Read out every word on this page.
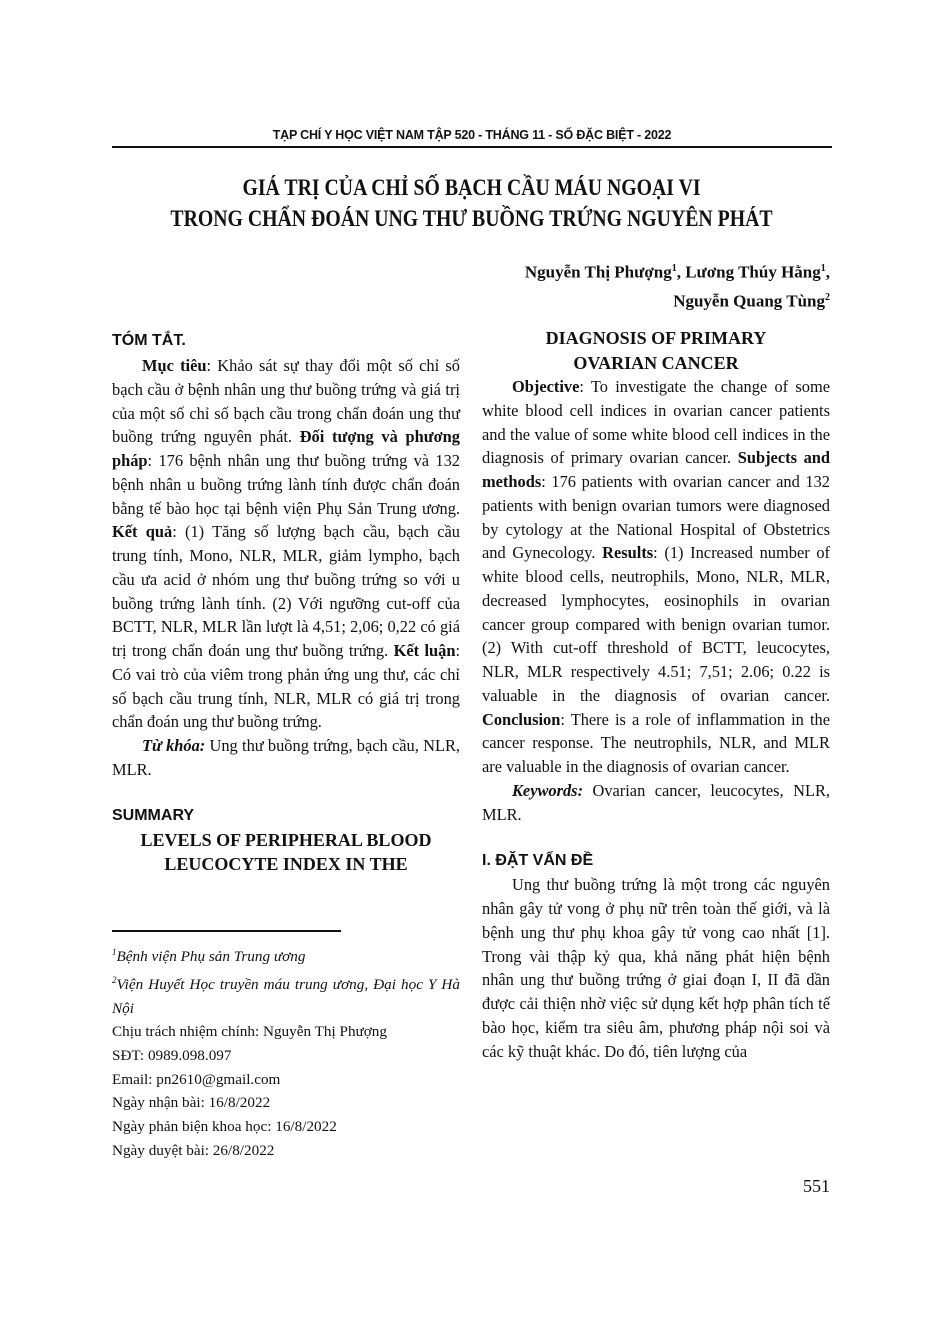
TẠP CHÍ Y HỌC VIỆT NAM TẬP 520 - THÁNG 11 - SỐ ĐẶC BIỆT - 2022
GIÁ TRỊ CỦA CHỈ SỐ BẠCH CẦU MÁU NGOẠI VI
TRONG CHẨN ĐOÁN UNG THƯ BUỒNG TRỨNG NGUYÊN PHÁT
Nguyễn Thị Phượng$^1$, Lương Thúy Hằng$^1$,
Nguyễn Quang Tùng$^2$
TÓM TẮT.

Mục tiêu: Khảo sát sự thay đổi một số chỉ số bạch cầu ở bệnh nhân ung thư buồng trứng và giá trị của một số chỉ số bạch cầu trong chẩn đoán ung thư buồng trứng nguyên phát. Đối tượng và phương pháp: 176 bệnh nhân ung thư buồng trứng và 132 bệnh nhân u buồng trứng lành tính được chẩn đoán bằng tế bào học tại bệnh viện Phụ Sản Trung ương. Kết quả: (1) Tăng số lượng bạch cầu, bạch cầu trung tính, Mono, NLR, MLR, giảm lympho, bạch cầu ưa acid ở nhóm ung thư buồng trứng so với u buồng trứng lành tính. (2) Với ngưỡng cut-off của BCTT, NLR, MLR lần lượt là 4,51; 2,06; 0,22 có giá trị trong chẩn đoán ung thư buồng trứng. Kết luận: Có vai trò của viêm trong phản ứng ung thư, các chỉ số bạch cầu trung tính, NLR, MLR có giá trị trong chẩn đoán ung thư buồng trứng.

Từ khóa: Ung thư buồng trứng, bạch cầu, NLR, MLR.

SUMMARY
LEVELS OF PERIPHERAL BLOOD
LEUCOCYTE INDEX IN THE
$^1$Bệnh viện Phụ sản Trung ương
$^2$Viện Huyết Học truyền máu trung ương, Đại học Y Hà Nội
Chịu trách nhiệm chính: Nguyễn Thị Phượng
SĐT: 0989.098.097
Email: pn2610@gmail.com
Ngày nhận bài: 16/8/2022
Ngày phản biện khoa học: 16/8/2022
Ngày duyệt bài: 26/8/2022
DIAGNOSIS OF PRIMARY
OVARIAN CANCER

Objective: To investigate the change of some white blood cell indices in ovarian cancer patients and the value of some white blood cell indices in the diagnosis of primary ovarian cancer. Subjects and methods: 176 patients with ovarian cancer and 132 patients with benign ovarian tumors were diagnosed by cytology at the National Hospital of Obstetrics and Gynecology. Results: (1) Increased number of white blood cells, neutrophils, Mono, NLR, MLR, decreased lymphocytes, eosinophils in ovarian cancer group compared with benign ovarian tumor. (2) With cut-off threshold of BCTT, leucocytes, NLR, MLR respectively 4.51; 7,51; 2.06; 0.22 is valuable in the diagnosis of ovarian cancer. Conclusion: There is a role of inflammation in the cancer response. The neutrophils, NLR, and MLR are valuable in the diagnosis of ovarian cancer.

Keywords: Ovarian cancer, leucocytes, NLR, MLR.

I. ĐẶT VẤN ĐỀ

Ung thư buồng trứng là một trong các nguyên nhân gây tử vong ở phụ nữ trên toàn thế giới, và là bệnh ung thư phụ khoa gây tử vong cao nhất [1]. Trong vài thập kỷ qua, khả năng phát hiện bệnh nhân ung thư buồng trứng ở giai đoạn I, II đã dần được cải thiện nhờ việc sử dụng kết hợp phân tích tế bào học, kiểm tra siêu âm, phương pháp nội soi và các kỹ thuật khác. Do đó, tiên lượng của

551
